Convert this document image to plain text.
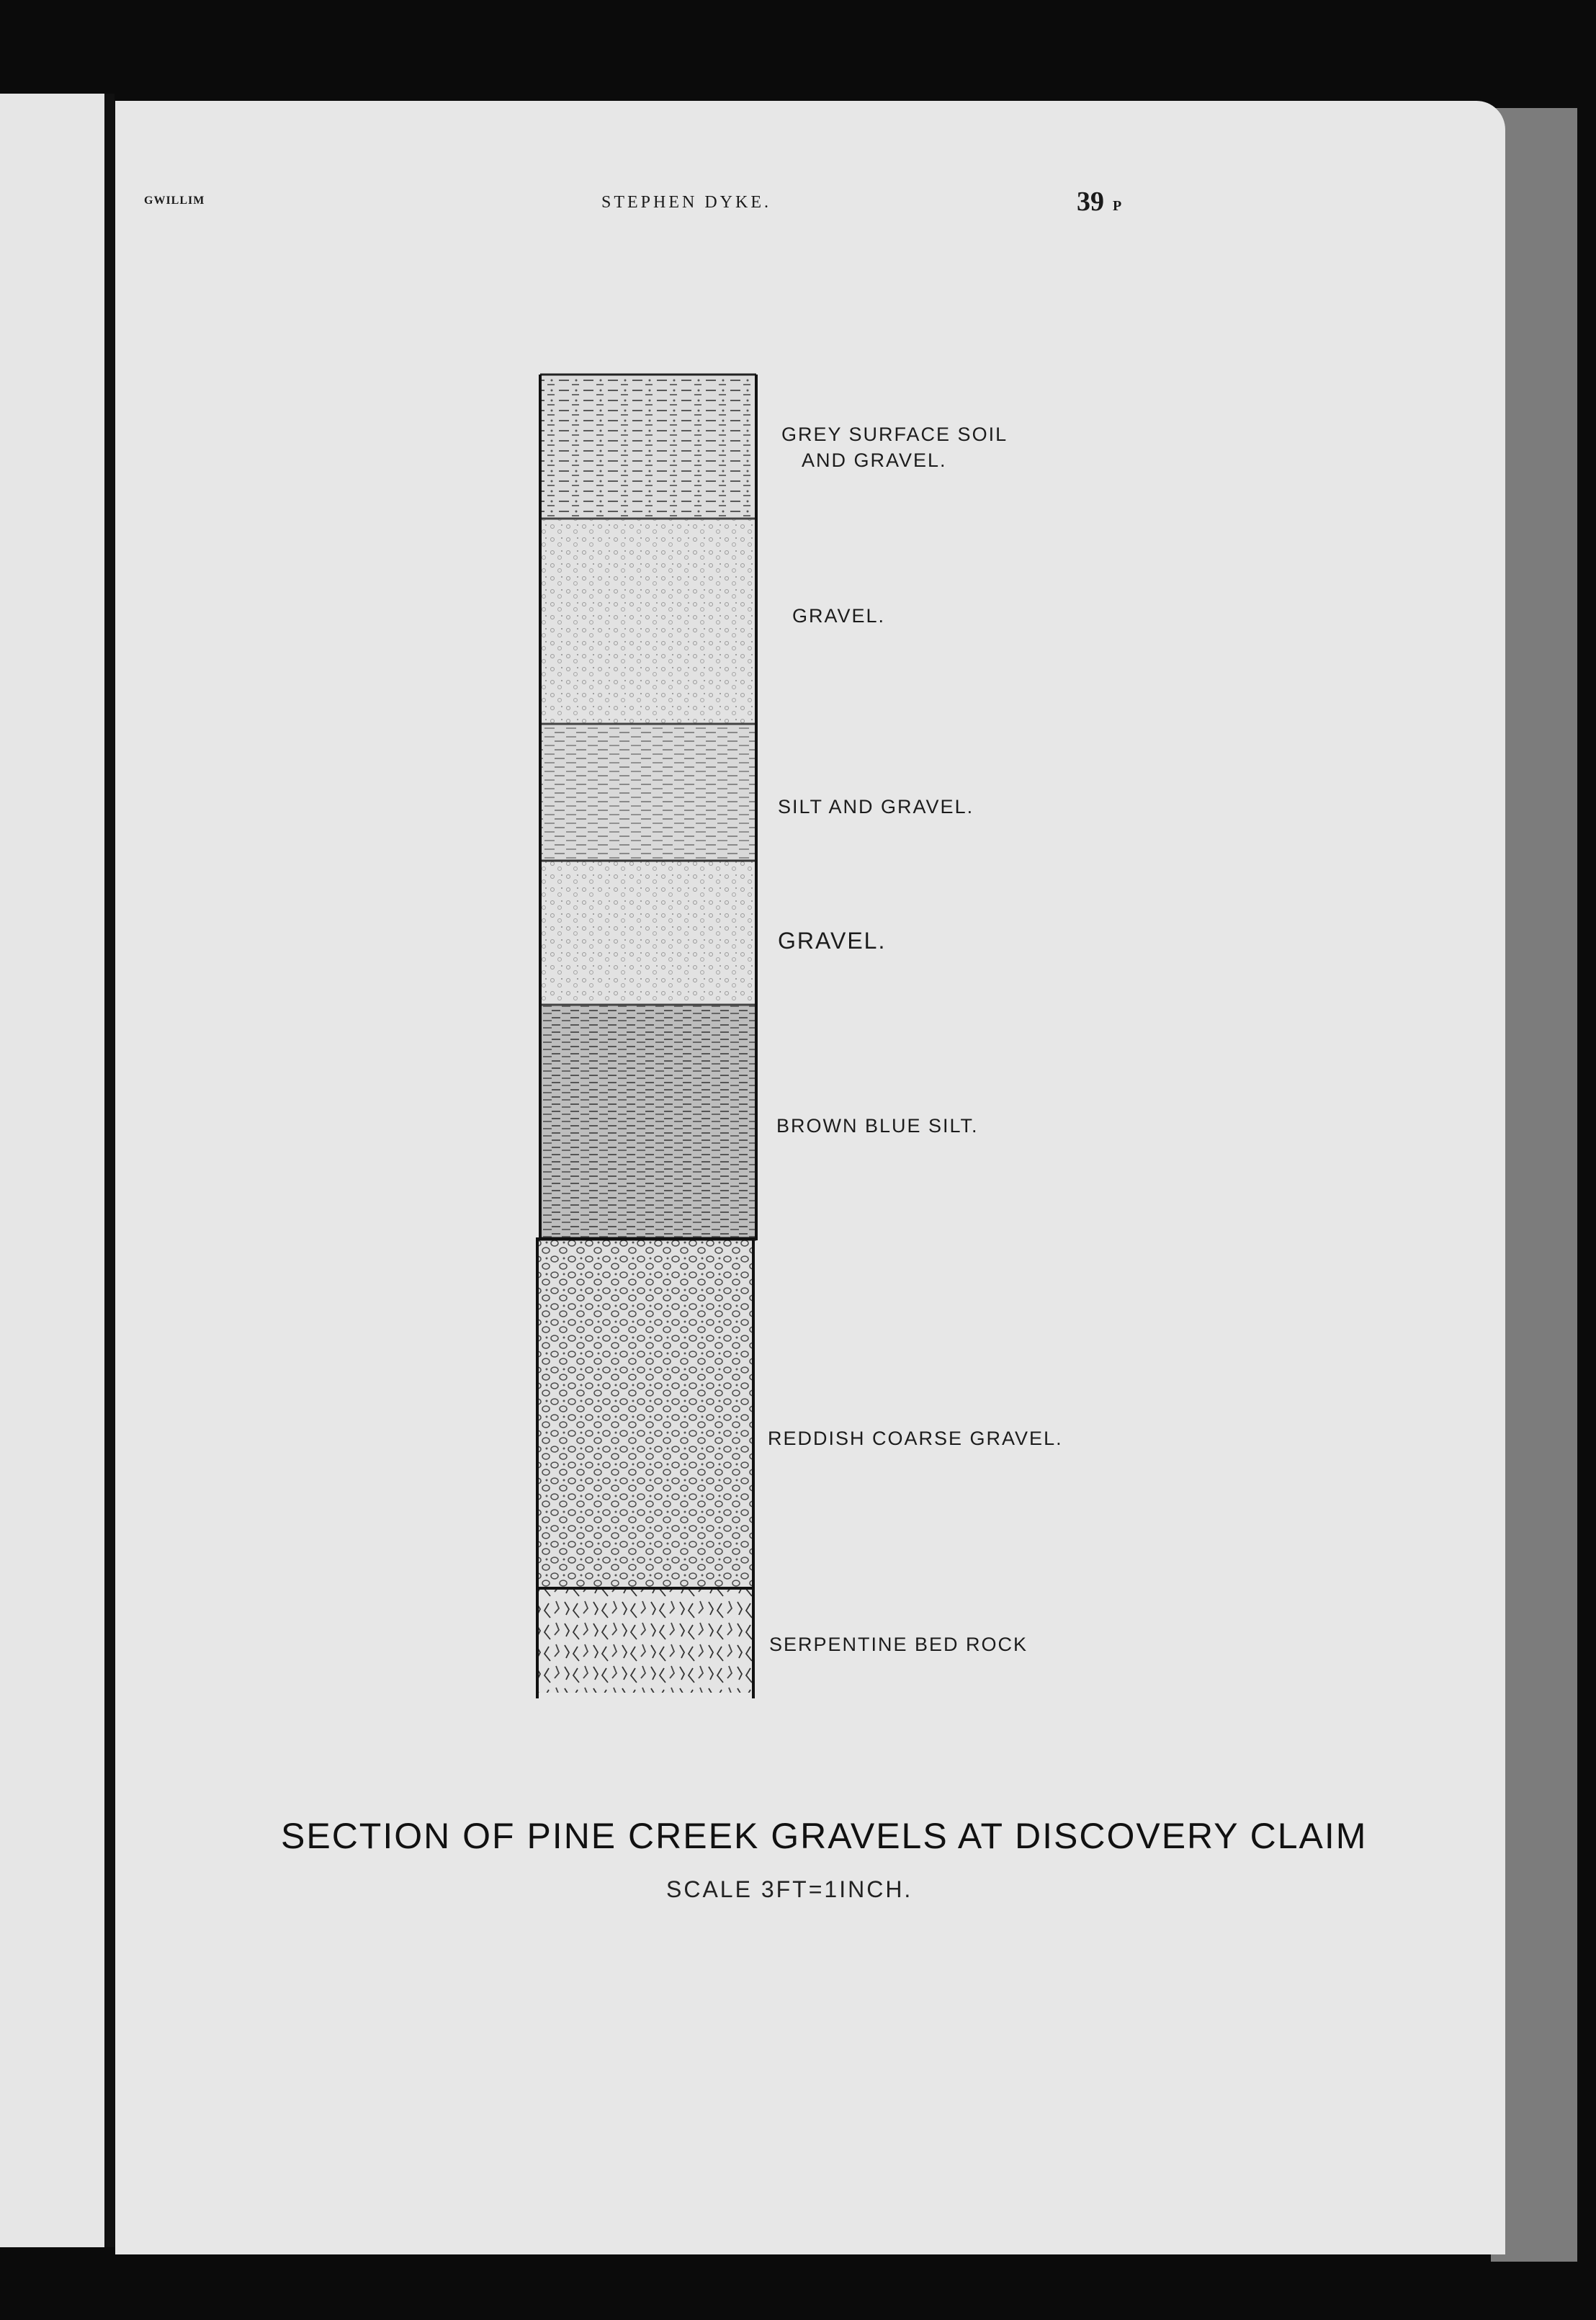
GWILLIM	STEPHEN DYKE.	39 P
GREY SURFACE SOIL
AND GRAVEL.
GRAVEL.
SILT AND GRAVEL.
GRAVEL.
BROWN BLUE SILT.
REDDISH COARSE GRAVEL.
SERPENTINE BED ROCK
SECTION OF PINE CREEK GRAVELS AT DISCOVERY CLAIM
SCALE 3FT=1INCH.
